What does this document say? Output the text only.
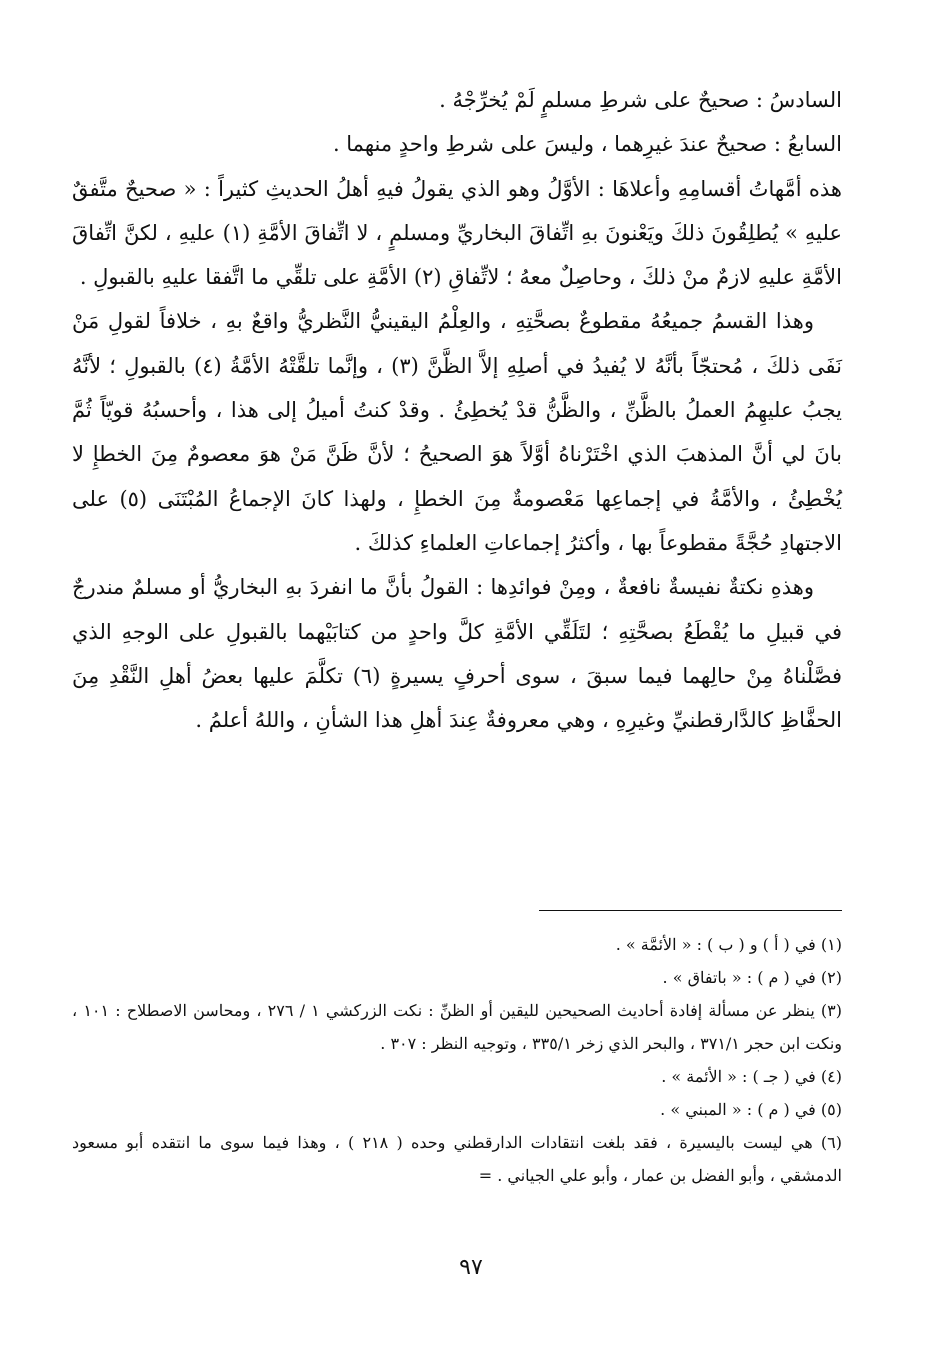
السادسُ : صحيحٌ على شرطِ مسلمٍ لَمْ يُخرِّجْهُ .

السابعُ : صحيحٌ عندَ غيرِهما ، وليسَ على شرطِ واحدٍ منهما .

هذه أمَّهاتُ أقسامِهِ وأعلاهَا : الأوَّلُ وهو الذي يقولُ فيهِ أهلُ الحديثِ كثيراً : « صحيحٌ متَّفقٌ عليهِ » يُطلِقُونَ ذلكَ ويَعْنونَ بهِ اتِّفاقَ البخاريِّ ومسلمٍ ، لا اتِّفاقَ الأمَّةِ (١) عليهِ ، لكنَّ اتِّفاقَ الأمَّةِ عليهِ لازمٌ منْ ذلكَ ، وحاصِلٌ معهُ ؛ لاتِّفاقِ (٢) الأمَّةِ على تلقِّي ما اتَّفقا عليهِ بالقبولِ .

وهذا القسمُ جميعُهُ مقطوعٌ بصحَّتِهِ ، والعِلْمُ اليقينيُّ النَّظريُّ واقعٌ بهِ ، خلافاً لقولِ مَنْ نَفَى ذلكَ ، مُحتجّاً بأنَّهُ لا يُفيدُ في أصلِهِ إلاَّ الظَّنَّ (٣) ، وإنَّما تلقَّتْهُ الأمَّةُ (٤) بالقبولِ ؛ لأنَّهُ يجبُ عليهِمُ العملُ بالظَّنِّ ، والظَّنُّ قدْ يُخطِئُ . وقدْ كنتُ أميلُ إلى هذا ، وأحسبُهُ قويّاً ثُمَّ بانَ لي أنَّ المذهبَ الذي اخْتَرْناهُ أوَّلاً هوَ الصحيحُ ؛ لأنَّ ظَنَّ مَنْ هوَ معصومٌ مِنَ الخطإِ لا يُخْطِئُ ، والأمَّةُ في إجماعِها مَعْصومةٌ مِنَ الخطإِ ، ولهذا كانَ الإجماعُ المُبْتَنَى (٥) على الاجتهادِ حُجَّةً مقطوعاً بها ، وأكثرُ إجماعاتِ العلماءِ كذلكَ .

وهذهِ نكتةٌ نفيسةٌ نافعةٌ ، ومِنْ فوائدِها : القولُ بأنَّ ما انفردَ بهِ البخاريُّ أو مسلمٌ مندرجٌ في قبيلِ ما يُقْطَعُ بصحَّتِهِ ؛ لتَلَقِّي الأمَّةِ كلَّ واحدٍ من كتابَيْهما بالقبولِ على الوجهِ الذي فصَّلْناهُ مِنْ حالِهما فيما سبقَ ، سوى أحرفٍ يسيرةٍ (٦) تكلَّمَ عليها بعضُ أهلِ النَّقْدِ مِنَ الحفَّاظِ كالدَّارقطنيِّ وغيرِهِ ، وهي معروفةٌ عِندَ أهلِ هذا الشأنِ ، واللهُ أعلمُ .

(١) في ( أ ) و ( ب ) : « الأئمَّة » .

(٢) في ( م ) : « باتفاق » .

(٣) ينظر عن مسألة إفادة أحاديث الصحيحين لليقين أو الظنِّ : نكت الزركشي ١ / ٢٧٦ ، ومحاسن الاصطلاح : ١٠١ ، ونكت ابن حجر ٣٧١/١ ، والبحر الذي زخر ٣٣٥/١ ، وتوجيه النظر : ٣٠٧ .

(٤) في ( جـ ) : « الأئمة » .

(٥) في ( م ) : « المبني » .

(٦) هي ليست باليسيرة ، فقد بلغت انتقادات الدارقطني وحده ( ٢١٨ ) ، وهذا فيما سوى ما انتقده أبو مسعود الدمشقي ، وأبو الفضل بن عمار ، وأبو علي الجياني . =

٩٧
